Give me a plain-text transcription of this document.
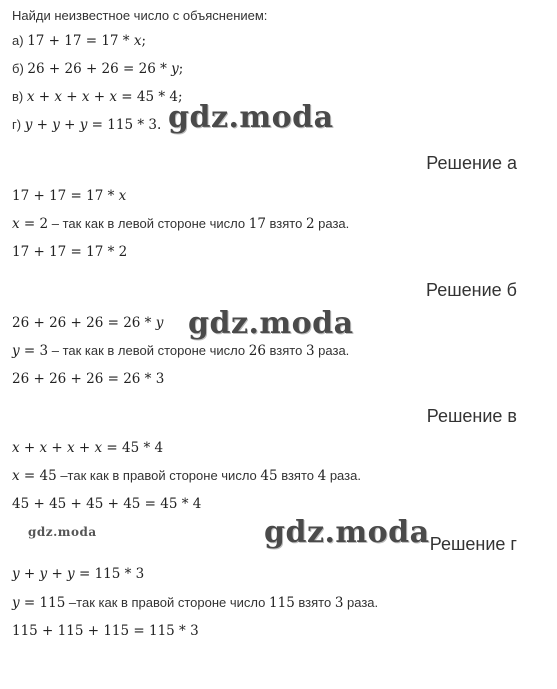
Найди неизвестное число с объяснением:
а) 17 + 17 = 17 * x;
б) 26 + 26 + 26 = 26 * y;
в) x + x + x + x = 45 * 4;
г) y + y + y = 115 * 3. gdz.moda
Решение а
17 + 17 = 17 * x
x = 2 – так как в левой стороне число 17 взято 2 раза.
17 + 17 = 17 * 2
Решение б
26 + 26 + 26 = 26 * y gdz.moda
y = 3 – так как в левой стороне число 26 взято 3 раза.
26 + 26 + 26 = 26 * 3
Решение в
x + x + x + x = 45 * 4
x = 45 –так как в правой стороне число 45 взято 4 раза.
45 + 45 + 45 + 45 = 45 * 4
gdz.moda	gdz.moda Решение г
y + y + y = 115 * 3
y = 115 –так как в правой стороне число 115 взято 3 раза.
115 + 115 + 115 = 115 * 3
